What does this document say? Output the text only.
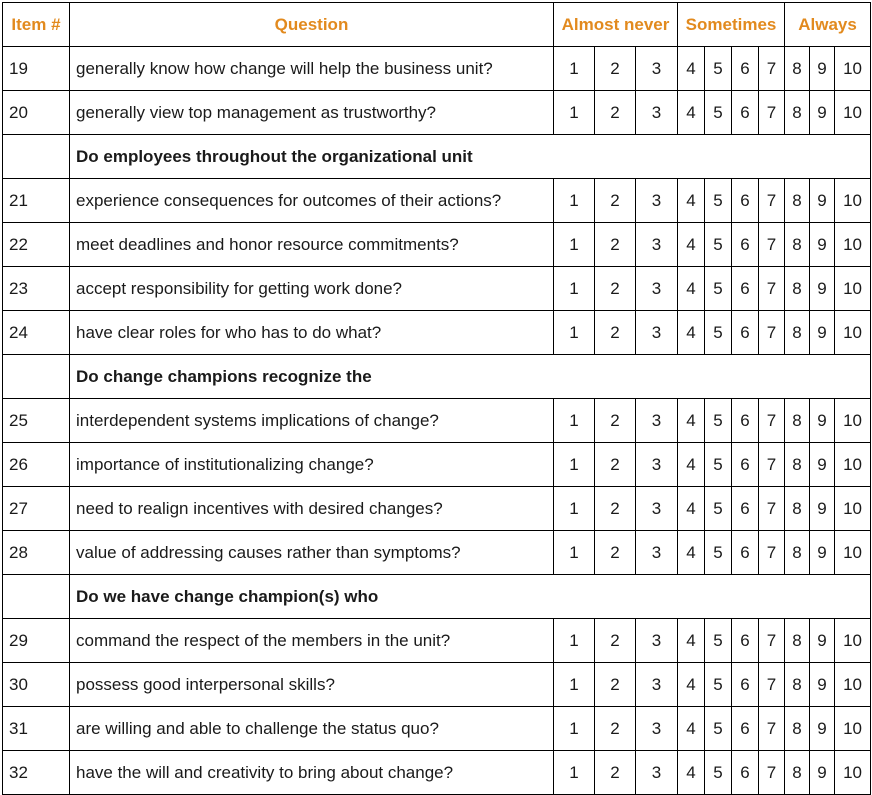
Item #	Question	Almost never			Sometimes				Always		
19	generally know how change will help the business unit?	1	2	3	4	5	6	7	8	9	10
20	generally view top management as trustworthy?	1	2	3	4	5	6	7	8	9	10
	Do employees throughout the organizational unit										
21	experience consequences for outcomes of their actions?	1	2	3	4	5	6	7	8	9	10
22	meet deadlines and honor resource commitments?	1	2	3	4	5	6	7	8	9	10
23	accept responsibility for getting work done?	1	2	3	4	5	6	7	8	9	10
24	have clear roles for who has to do what?	1	2	3	4	5	6	7	8	9	10
	Do change champions recognize the										
25	interdependent systems implications of change?	1	2	3	4	5	6	7	8	9	10
26	importance of institutionalizing change?	1	2	3	4	5	6	7	8	9	10
27	need to realign incentives with desired changes?	1	2	3	4	5	6	7	8	9	10
28	value of addressing causes rather than symptoms?	1	2	3	4	5	6	7	8	9	10
	Do we have change champion(s) who										
29	command the respect of the members in the unit?	1	2	3	4	5	6	7	8	9	10
30	possess good interpersonal skills?	1	2	3	4	5	6	7	8	9	10
31	are willing and able to challenge the status quo?	1	2	3	4	5	6	7	8	9	10
32	have the will and creativity to bring about change?	1	2	3	4	5	6	7	8	9	10
